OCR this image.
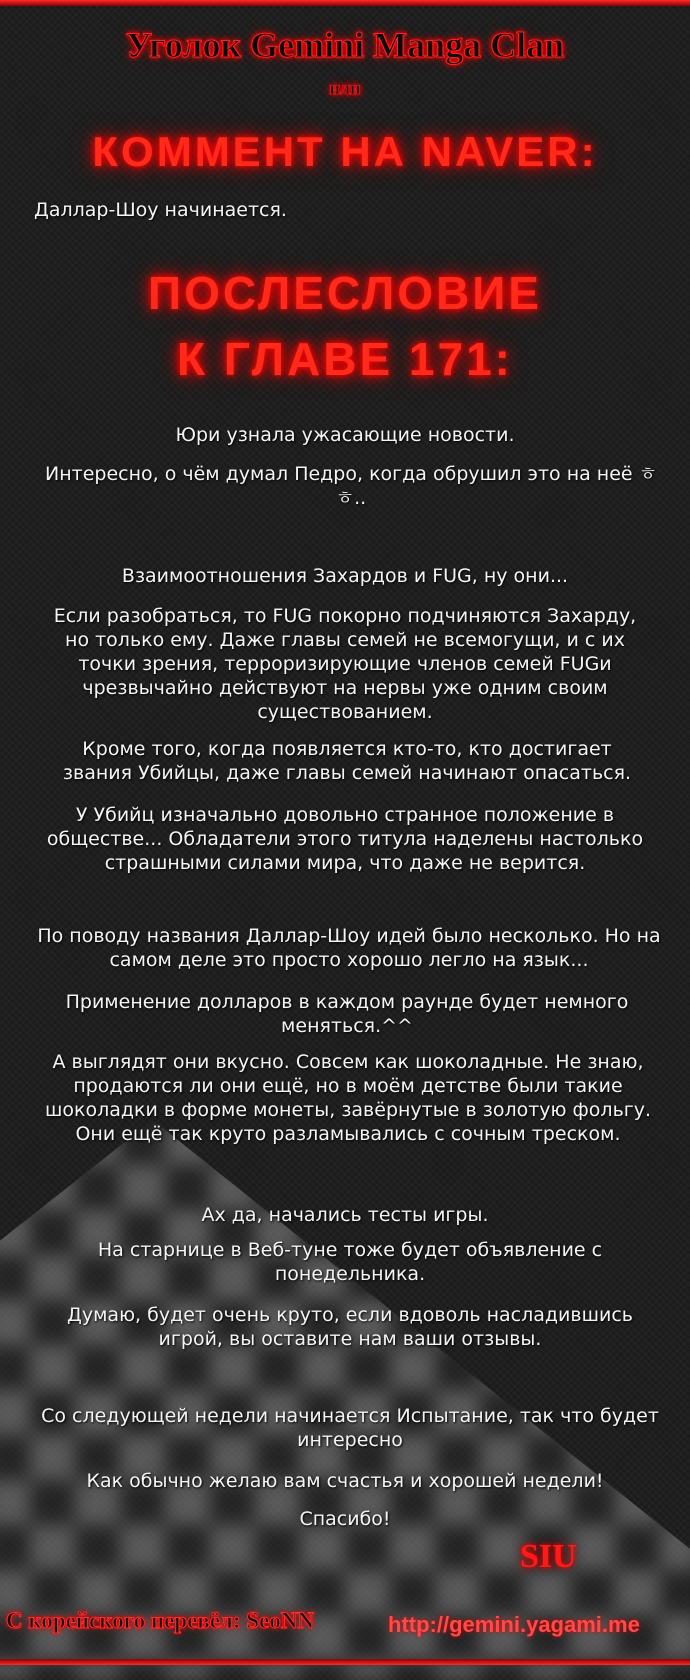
Уголок Gemini Manga Clan
или
КОММЕНТ НА NAVER:
Даллар-Шоу начинается.
ПОСЛЕСЛОВИЕ
К ГЛАВЕ 171:
Юри узнала ужасающие новости.
Интересно, о чём думал Педро, когда обрушил это на неё ㅎㅎ..
Взаимоотношения Захардов и FUG, ну они...
Если разобраться, то FUG покорно подчиняются Захарду, но только ему. Даже главы семей не всемогущи, и с их точки зрения, терроризирующие членов семей FUGи чрезвычайно действуют на нервы уже одним своим существованием.
Кроме того, когда появляется кто-то, кто достигает звания Убийцы, даже главы семей начинают опасаться.
У Убийц изначально довольно странное положение в обществе... Обладатели этого титула наделены настолько страшными силами мира, что даже не верится.
По поводу названия Даллар-Шоу идей было несколько. Но на самом деле это просто хорошо легло на язык...
Применение долларов в каждом раунде будет немного меняться.^^
А выглядят они вкусно. Совсем как шоколадные. Не знаю, продаются ли они ещё, но в моём детстве были такие шоколадки в форме монеты, завёрнутые в золотую фольгу. Они ещё так круто разламывались с сочным треском.
Ах да, начались тесты игры.
На старнице в Веб-туне тоже будет объявление с понедельника.
Думаю, будет очень круто, если вдоволь насладившись игрой, вы оставите нам ваши отзывы.
Со следующей недели начинается Испытание, так что будет интересно
Как обычно желаю вам счастья и хорошей недели!
Спасибо!
SIU
С корейского перевёл: SeoNN	http://gemini.yagami.me
